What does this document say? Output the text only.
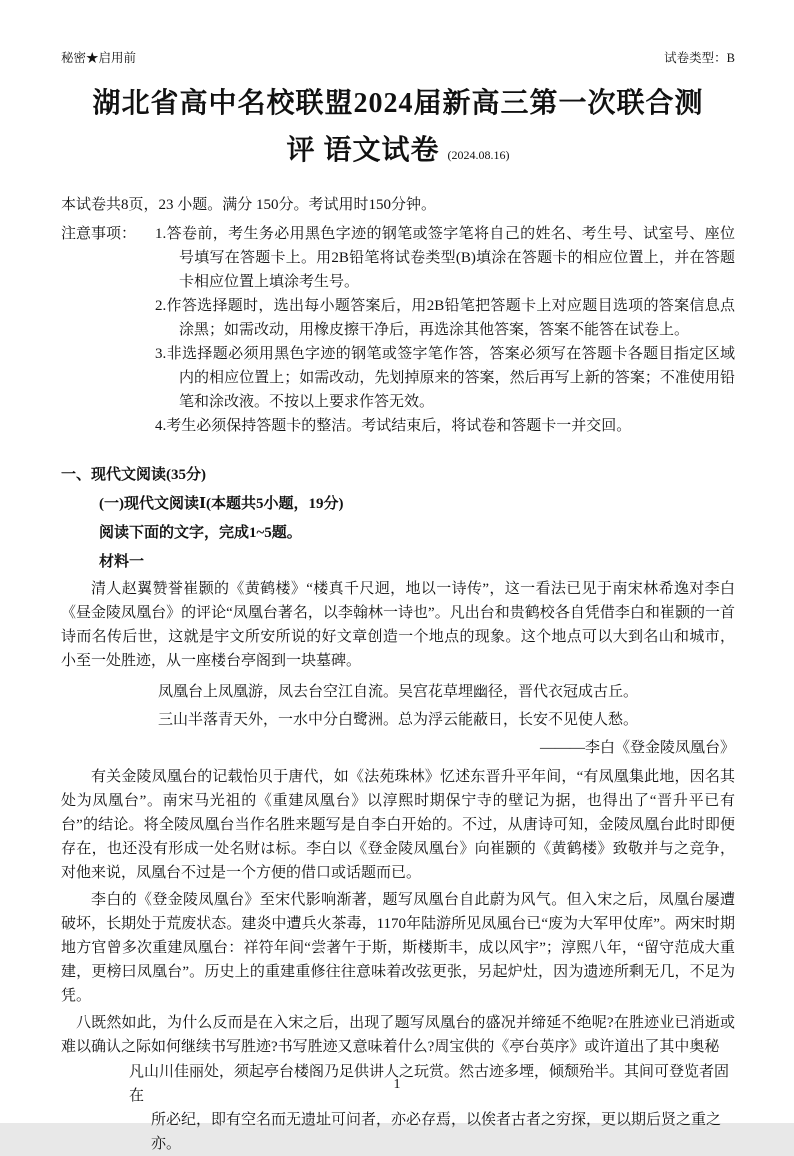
秘密★启用前	试卷类型：B
湖北省高中名校联盟2024届新高三第一次联合测
评 语文试卷 (2024.08.16)
本试卷共8页，23 小题。满分 150分。考试用时150分钟。
注意事项： 1.答卷前，考生务必用黑色字迹的钢笔或签字笔将自己的姓名、考生号、试室号、座位号填写在答题卡上。用2B铅笔将试卷类型(B)填涂在答题卡的相应位置上，并在答题卡相应位置上填涂考生号。
2.作答选择题时，选出每小题答案后，用2B铅笔把答题卡上对应题目选项的答案信息点涂黑；如需改动，用橡皮擦干净后，再选涂其他答案，答案不能答在试卷上。
3.非选择题必须用黑色字迹的钢笔或签字笔作答，答案必须写在答题卡各题目指定区域内的相应位置上；如需改动，先划掉原来的答案，然后再写上新的答案；不准使用铅笔和涂改液。不按以上要求作答无效。
4.考生必须保持答题卡的整洁。考试结束后，将试卷和答题卡一并交回。
一、现代文阅读(35分)
(一)现代文阅读Ⅰ(本题共5小题，19分)
阅读下面的文字，完成1~5题。
材料一
清人赵翼赞誉崔颢的《黄鹤楼》“楼真千尺迥，地以一诗传”，这一看法已见于南宋林希逸对李白《昼金陵凤凰台》的评论“凤凰台著名，以李翰林一诗也”。凡出台和贵鹤校各自凭借李白和崔颢的一首诗而名传后世，这就是宇文所安所说的好文章创造一个地点的现象。这个地点可以大到名山和城市，小至一处胜迹，从一座楼台亭阁到一块墓碑。
凤凰台上凤凰游，凤去台空江自流。吴宫花草埋幽径，晋代衣冠成古丘。
三山半落青天外，一水中分白鹭洲。总为浮云能蔽日，长安不见使人愁。
———李白《登金陵凤凰台》
有关金陵凤凰台的记载怡贝于唐代，如《法苑珠林》忆述东晋升平年间，“有凤凰集此地，因名其处为凤凰台”。南宋马光祖的《重建凤凰台》以淳熙时期保宁寺的壁记为据，也得出了“晋升平已有台”的结论。将全陵凤凰台当作名胜来题写是自李白开始的。不过，从唐诗可知，金陵凤凰台此时即便存在，也还没有形成一处名财は标。李白以《登金陵凤凰台》向崔颢的《黄鹤楼》致敬并与之竞争，对他来说，凤凰台不过是一个方便的借口或话题而已。
李白的《登金陵凤凰台》至宋代影响渐著，题写凤凰台自此蔚为风气。但入宋之后，凤凰台屡遭破坏，长期处于荒废状态。建炎中遭兵火茶毒，1170年陆游所见凤風台已“废为大军甲仗库”。两宋时期地方官曾多次重建凤凰台：祥符年间“尝著午于斯，斯楼斯丰，成以风宇”；淳熙八年，“留守范成大重建，更榜曰凤凰台”。历史上的重建重修往往意味着改弦更张，另起炉灶，因为遗迹所剩无几，不足为凭。
八既然如此，为什么反而是在入宋之后，出现了题写凤凰台的盛况并缔延不绝呢?在胜迹业已消逝或难以确认之际如何继续书写胜迹?书写胜迹又意味着什么?周宝供的《亭台英序》或许道出了其中奥秘
凡山川佳丽处，须起亭台楼阁乃足供讲人之玩赏。然古迹多堙，倾颓殆半。其间可登览者固在
所必纪，即有空名而无遗址可问者，亦必存焉，以俟者古者之穷探，更以期后贤之重之亦。
1
